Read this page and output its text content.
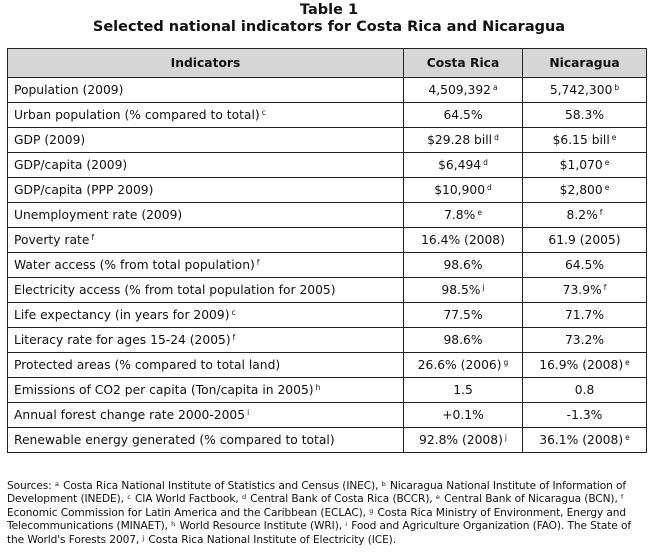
Table 1
Selected national indicators for Costa Rica and Nicaragua
Indicators	Costa Rica	Nicaragua
Population (2009)	4,509,392 $^a$	5,742,300 $^b$
Urban population (% compared to total) $^c$	64.5%	58.3%
GDP (2009)	$29.28 bill $^d$	$6.15 bill $^e$
GDP/capita (2009)	$6,494 $^d$	$1,070 $^e$
GDP/capita (PPP 2009)	$10,900 $^d$	$2,800 $^e$
Unemployment rate (2009)	7.8% $^e$	8.2% $^f$
Poverty rate $^f$	16.4% (2008)	61.9 (2005)
Water access (% from total population) $^f$	98.6%	64.5%
Electricity access (% from total population for 2005)	98.5% $^j$	73.9% $^f$
Life expectancy (in years for 2009) $^c$	77.5%	71.7%
Literacy rate for ages 15-24 (2005) $^f$	98.6%	73.2%
Protected areas (% compared to total land)	26.6% (2006) $^g$	16.9% (2008) $^e$
Emissions of CO2 per capita (Ton/capita in 2005) $^h$	1.5	0.8
Annual forest change rate 2000-2005 $^i$	+0.1%	-1.3%
Renewable energy generated (% compared to total)	92.8% (2008) $^j$	36.1% (2008) $^e$
Sources: $^a$ Costa Rica National Institute of Statistics and Census (INEC), $^b$ Nicaragua National Institute of Information of Development (INEDE), $^c$ CIA World Factbook, $^d$ Central Bank of Costa Rica (BCCR), $^e$ Central Bank of Nicaragua (BCN), $^f$ Economic Commission for Latin America and the Caribbean (ECLAC), $^g$ Costa Rica Ministry of Environment, Energy and Telecommunications (MINAET), $^h$ World Resource Institute (WRI), $^i$ Food and Agriculture Organization (FAO). The State of the World's Forests 2007, $^j$ Costa Rica National Institute of Electricity (ICE).
